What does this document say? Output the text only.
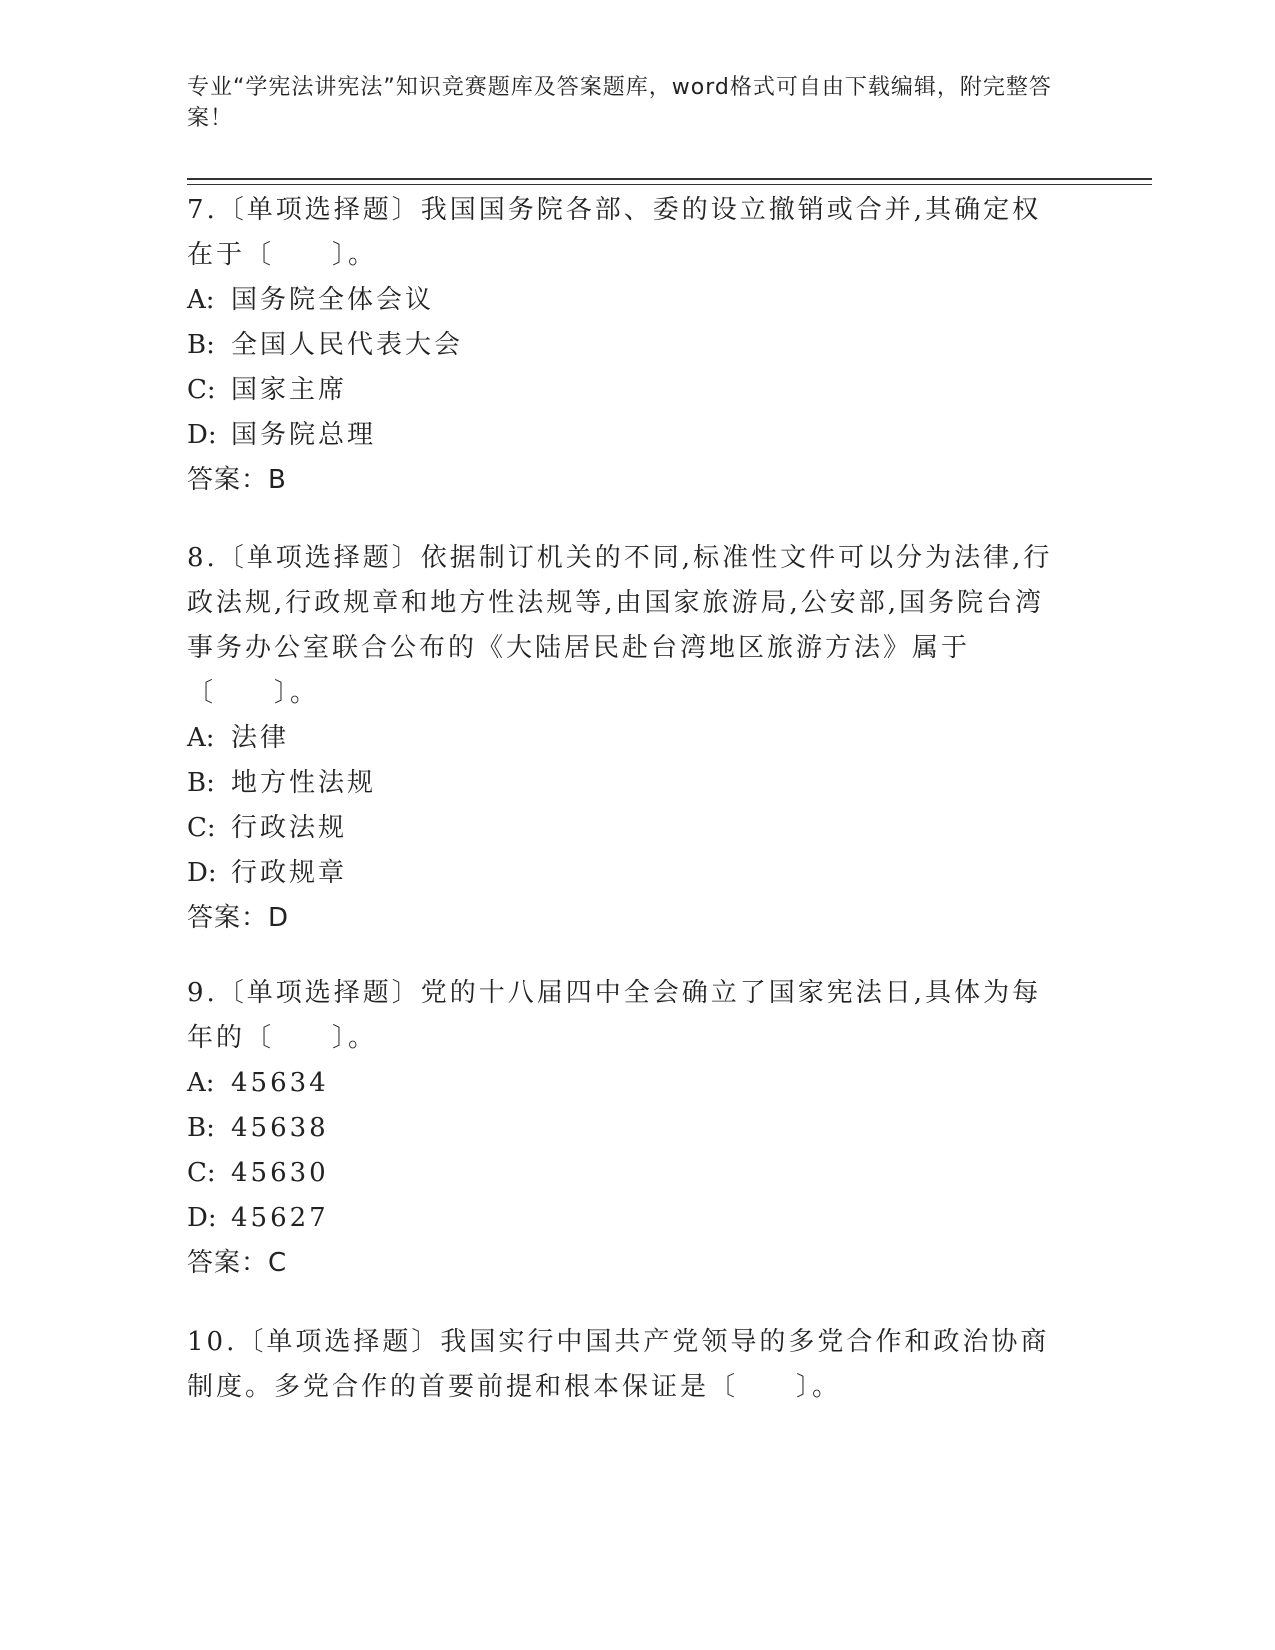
专业“学宪法讲宪法”知识竞赛题库及答案题库，word格式可自由下载编辑，附完整答案！

7.〔单项选择题〕我国国务院各部、委的设立撤销或合并,其确定权在于〔　　〕。

A: 国务院全体会议

B: 全国人民代表大会

C: 国家主席

D: 国务院总理

答案：B

8.〔单项选择题〕依据制订机关的不同,标准性文件可以分为法律,行政法规,行政规章和地方性法规等,由国家旅游局,公安部,国务院台湾事务办公室联合公布的《大陆居民赴台湾地区旅游方法》属于〔　　〕。

A: 法律

B: 地方性法规

C: 行政法规

D: 行政规章

答案：D

9.〔单项选择题〕党的十八届四中全会确立了国家宪法日,具体为每年的〔　　〕。

A: 45634

B: 45638

C: 45630

D: 45627

答案：C

10.〔单项选择题〕我国实行中国共产党领导的多党合作和政治协商制度。多党合作的首要前提和根本保证是〔　　〕。
